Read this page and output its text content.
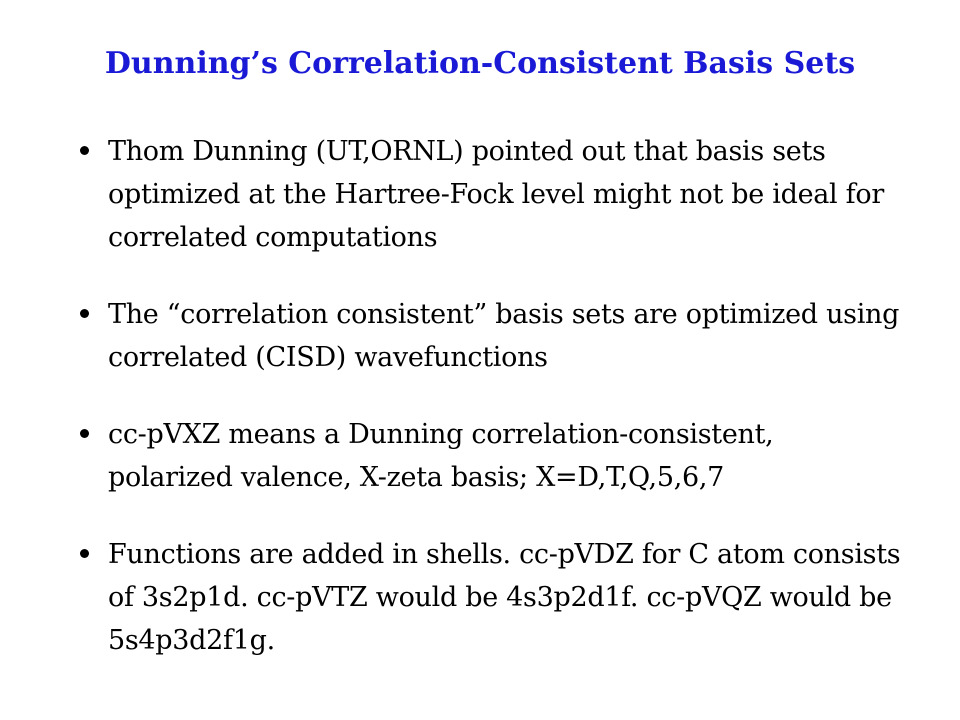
Dunning’s Correlation-Consistent Basis Sets
Thom Dunning (UT,ORNL) pointed out that basis sets optimized at the Hartree-Fock level might not be ideal for correlated computations
The “correlation consistent” basis sets are optimized using correlated (CISD) wavefunctions
cc-pVXZ means a Dunning correlation-consistent, polarized valence, X-zeta basis; X=D,T,Q,5,6,7
Functions are added in shells. cc-pVDZ for C atom consists of 3s2p1d. cc-pVTZ would be 4s3p2d1f. cc-pVQZ would be 5s4p3d2f1g.
